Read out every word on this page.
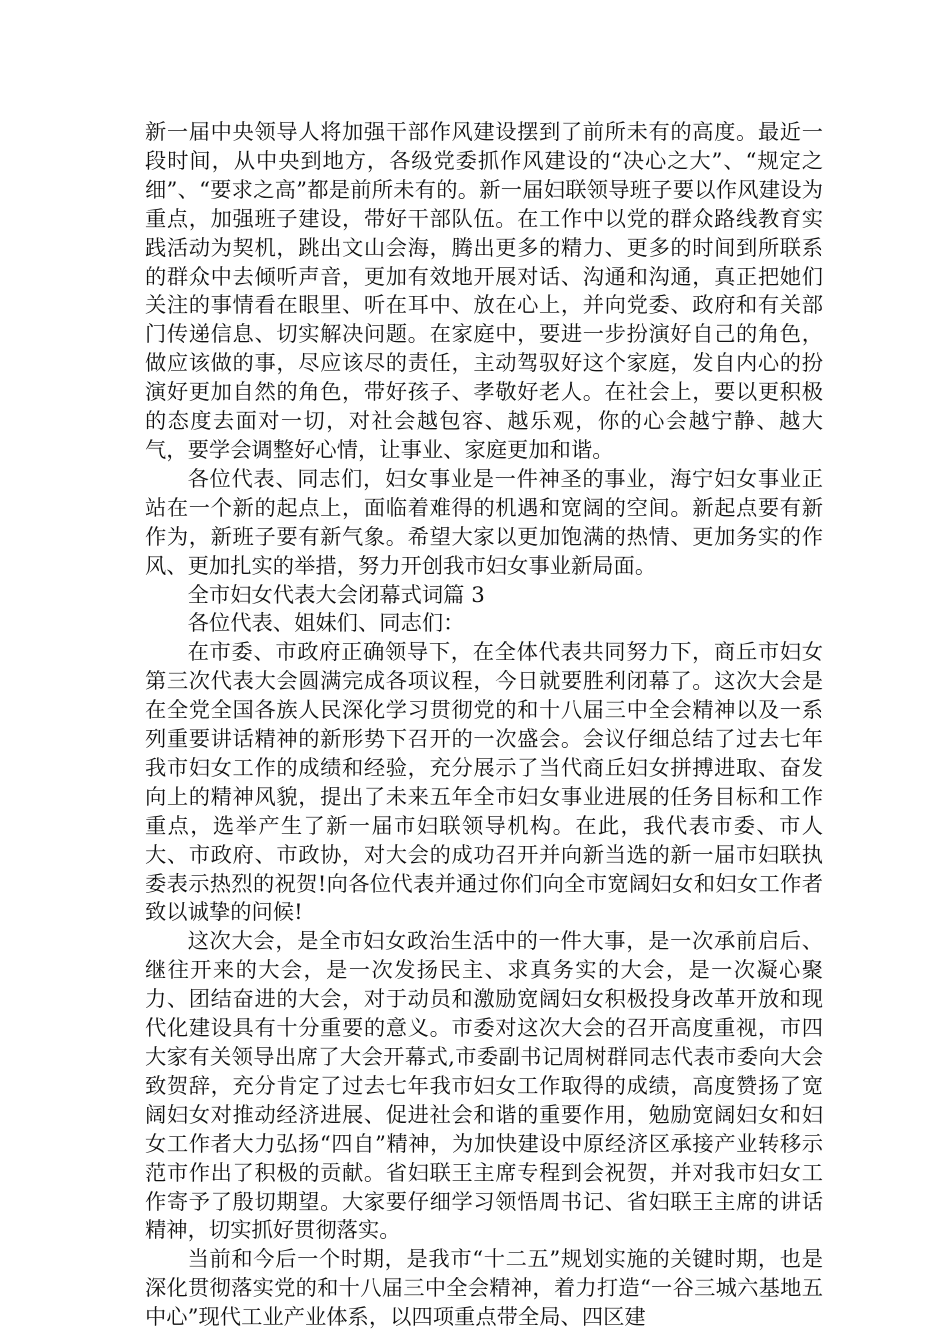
新一届中央领导人将加强干部作风建设摆到了前所未有的高度。最近一段时间，从中央到地方，各级党委抓作风建设的“决心之大”、“规定之细”、“要求之高”都是前所未有的。新一届妇联领导班子要以作风建设为重点，加强班子建设，带好干部队伍。在工作中以党的群众路线教育实践活动为契机，跳出文山会海，腾出更多的精力、更多的时间到所联系的群众中去倾听声音，更加有效地开展对话、沟通和沟通，真正把她们关注的事情看在眼里、听在耳中、放在心上，并向党委、政府和有关部门传递信息、切实解决问题。在家庭中，要进一步扮演好自己的角色，做应该做的事，尽应该尽的责任，主动驾驭好这个家庭，发自内心的扮演好更加自然的角色，带好孩子、孝敬好老人。在社会上，要以更积极的态度去面对一切，对社会越包容、越乐观，你的心会越宁静、越大气，要学会调整好心情，让事业、家庭更加和谐。

各位代表、同志们，妇女事业是一件神圣的事业，海宁妇女事业正站在一个新的起点上，面临着难得的机遇和宽阔的空间。新起点要有新作为，新班子要有新气象。希望大家以更加饱满的热情、更加务实的作风、更加扎实的举措，努力开创我市妇女事业新局面。

全市妇女代表大会闭幕式词篇 3

各位代表、姐妹们、同志们：

在市委、市政府正确领导下，在全体代表共同努力下，商丘市妇女第三次代表大会圆满完成各项议程，今日就要胜利闭幕了。这次大会是在全党全国各族人民深化学习贯彻党的和十八届三中全会精神以及一系列重要讲话精神的新形势下召开的一次盛会。会议仔细总结了过去七年我市妇女工作的成绩和经验，充分展示了当代商丘妇女拼搏进取、奋发向上的精神风貌，提出了未来五年全市妇女事业进展的任务目标和工作重点，选举产生了新一届市妇联领导机构。在此，我代表市委、市人大、市政府、市政协，对大会的成功召开并向新当选的新一届市妇联执委表示热烈的祝贺!向各位代表并通过你们向全市宽阔妇女和妇女工作者致以诚挚的问候!

这次大会，是全市妇女政治生活中的一件大事，是一次承前启后、继往开来的大会，是一次发扬民主、求真务实的大会，是一次凝心聚力、团结奋进的大会，对于动员和激励宽阔妇女积极投身改革开放和现代化建设具有十分重要的意义。市委对这次大会的召开高度重视，市四大家有关领导出席了大会开幕式,市委副书记周树群同志代表市委向大会致贺辞，充分肯定了过去七年我市妇女工作取得的成绩，高度赞扬了宽阔妇女对推动经济进展、促进社会和谐的重要作用，勉励宽阔妇女和妇女工作者大力弘扬“四自”精神，为加快建设中原经济区承接产业转移示范市作出了积极的贡献。省妇联王主席专程到会祝贺，并对我市妇女工作寄予了殷切期望。大家要仔细学习领悟周书记、省妇联王主席的讲话精神，切实抓好贯彻落实。

当前和今后一个时期，是我市“十二五”规划实施的关键时期，也是深化贯彻落实党的和十八届三中全会精神，着力打造“一谷三城六基地五中心”现代工业产业体系，以四项重点带全局、四区建
